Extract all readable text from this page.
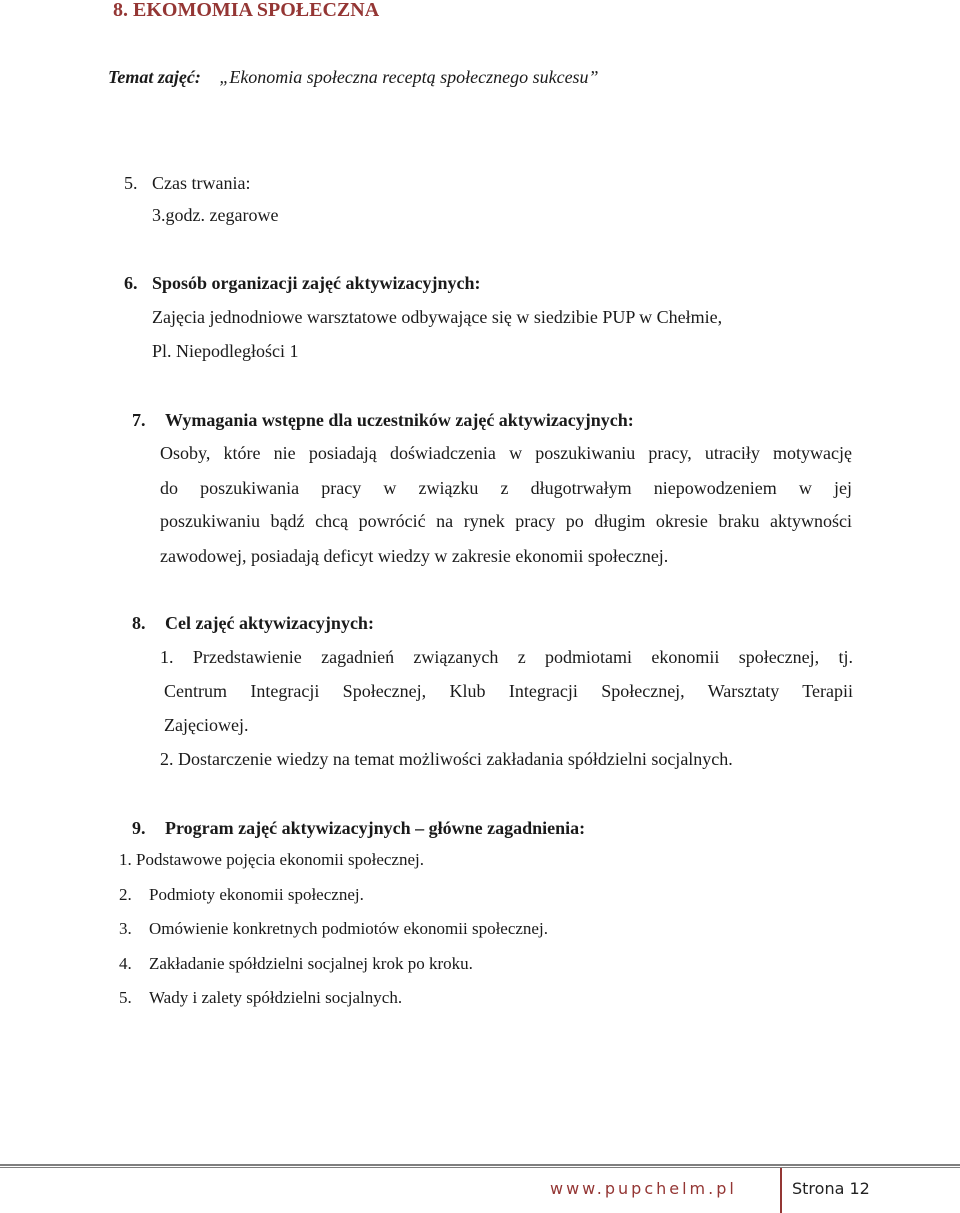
8. EKOMOMIA SPOŁECZNA
Temat zajęć: „Ekonomia społeczna receptą społecznego sukcesu”
5. Czas trwania:
3.godz. zegarowe
6. Sposób organizacji zajęć aktywizacyjnych:
Zajęcia jednodniowe warsztatowe odbywające się w siedzibie PUP w Chełmie,
Pl. Niepodległości 1
7. Wymagania wstępne dla uczestników zajęć aktywizacyjnych:
Osoby, które nie posiadają doświadczenia w poszukiwaniu pracy, utraciły motywację
do poszukiwania pracy w związku z długotrwałym niepowodzeniem w jej
poszukiwaniu bądź chcą powrócić na rynek pracy po długim okresie braku aktywności
zawodowej, posiadają deficyt wiedzy w zakresie ekonomii społecznej.
8. Cel zajęć aktywizacyjnych:
1. Przedstawienie zagadnień związanych z podmiotami ekonomii społecznej, tj.
Centrum Integracji Społecznej, Klub Integracji Społecznej, Warsztaty Terapii
Zajęciowej.
2. Dostarczenie wiedzy na temat możliwości zakładania spółdzielni socjalnych.
9. Program zajęć aktywizacyjnych – główne zagadnienia:
1. Podstawowe pojęcia ekonomii społecznej.
2. Podmioty ekonomii społecznej.
3. Omówienie konkretnych podmiotów ekonomii społecznej.
4. Zakładanie spółdzielni socjalnej krok po kroku.
5. Wady i zalety spółdzielni socjalnych.
www.pupchelm.pl	Strona 12
